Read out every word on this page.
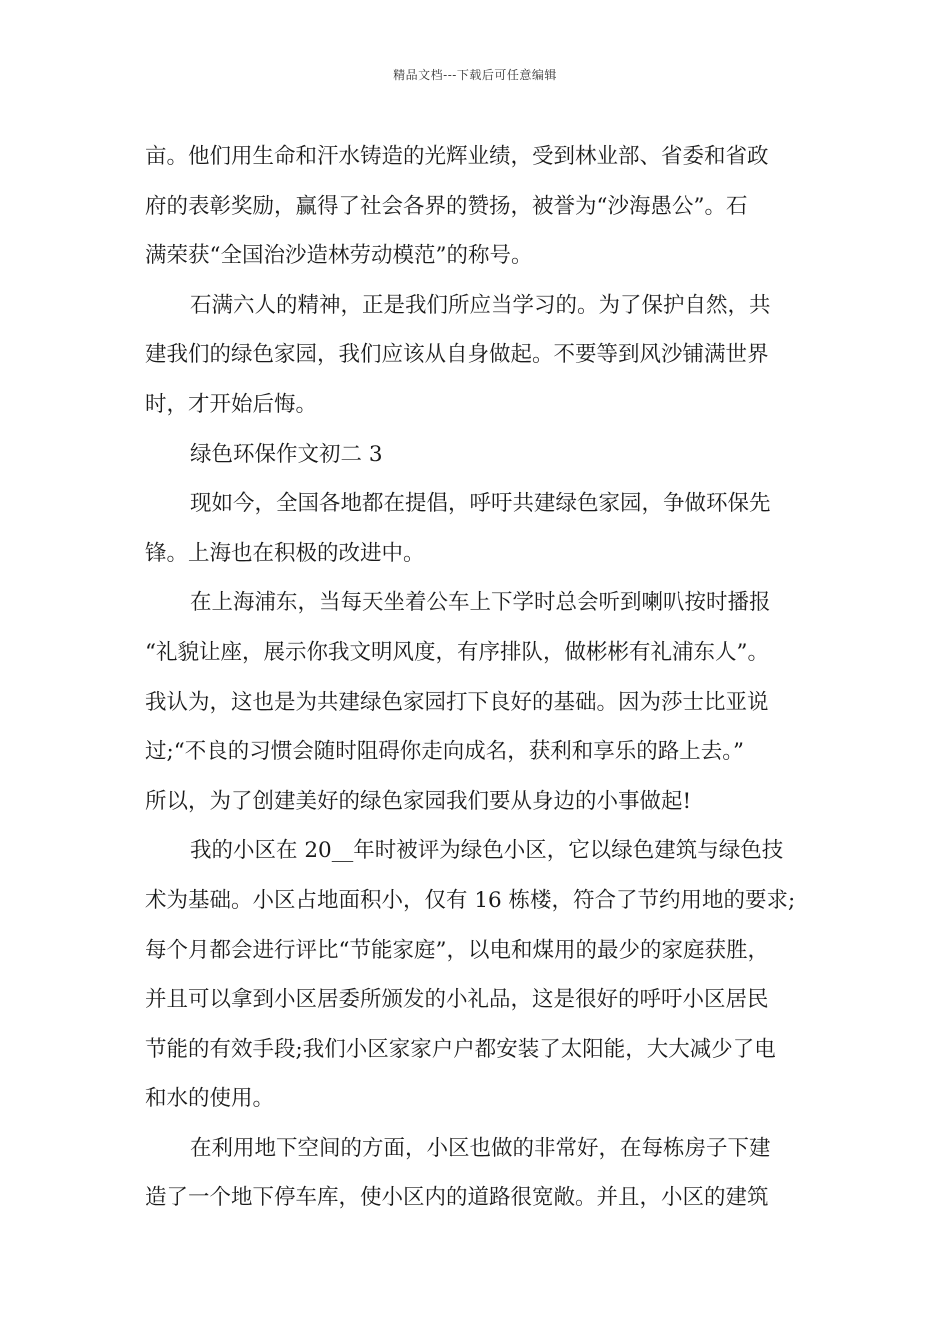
精品文档---下载后可任意编辑
亩。他们用生命和汗水铸造的光辉业绩，受到林业部、省委和省政
府的表彰奖励，赢得了社会各界的赞扬，被誉为“沙海愚公”。石
满荣获“全国治沙造林劳动模范”的称号。
石满六人的精神，正是我们所应当学习的。为了保护自然，共
建我们的绿色家园，我们应该从自身做起。不要等到风沙铺满世界
时，才开始后悔。
绿色环保作文初二 3
现如今，全国各地都在提倡，呼吁共建绿色家园，争做环保先
锋。上海也在积极的改进中。
在上海浦东，当每天坐着公车上下学时总会听到喇叭按时播报
“礼貌让座，展示你我文明风度，有序排队，做彬彬有礼浦东人”。
我认为，这也是为共建绿色家园打下良好的基础。因为莎士比亚说
过;“不良的习惯会随时阻碍你走向成名，获利和享乐的路上去。”
所以，为了创建美好的绿色家园我们要从身边的小事做起!
我的小区在 20__年时被评为绿色小区，它以绿色建筑与绿色技
术为基础。小区占地面积小，仅有 16 栋楼，符合了节约用地的要求;
每个月都会进行评比“节能家庭”，以电和煤用的最少的家庭获胜，
并且可以拿到小区居委所颁发的小礼品，这是很好的呼吁小区居民
节能的有效手段;我们小区家家户户都安装了太阳能，大大减少了电
和水的使用。
在利用地下空间的方面，小区也做的非常好，在每栋房子下建
造了一个地下停车库，使小区内的道路很宽敞。并且，小区的建筑
